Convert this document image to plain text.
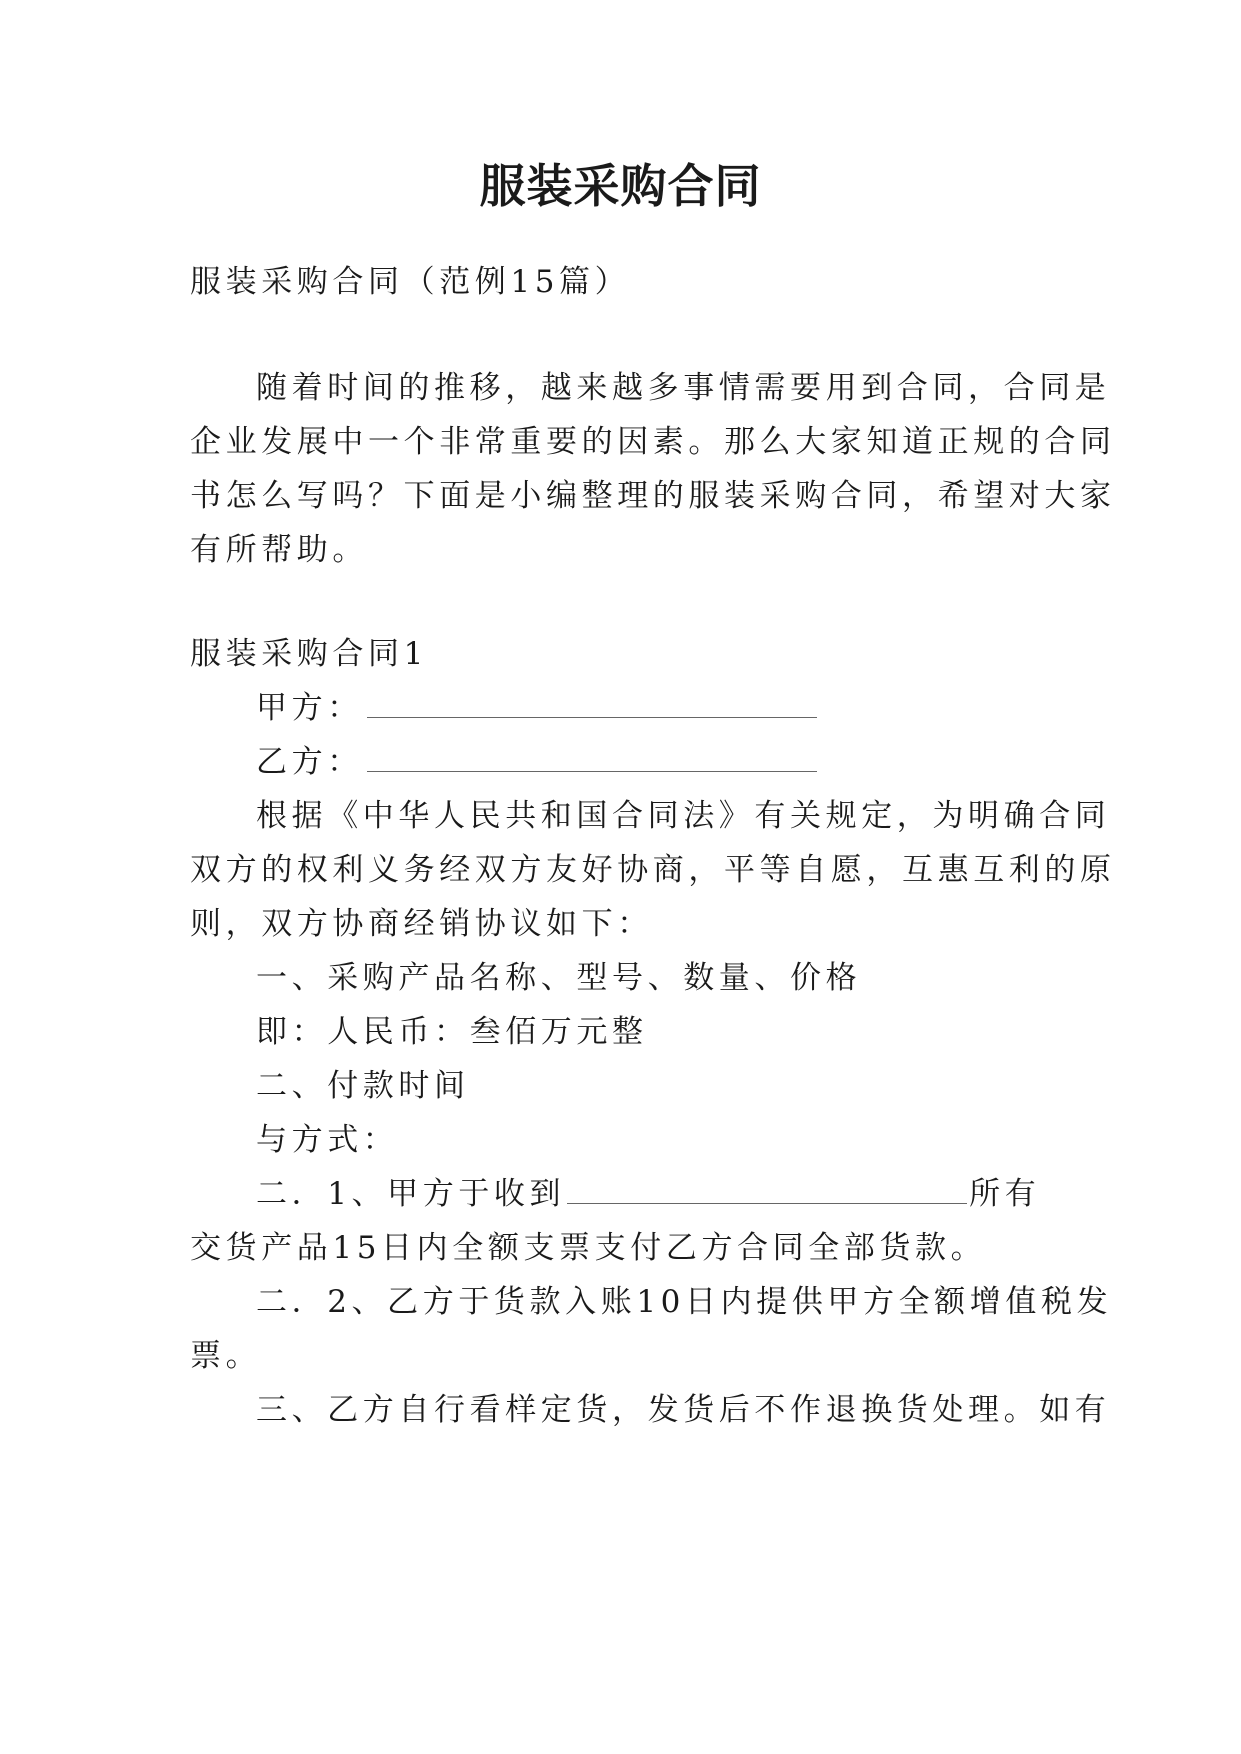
服装采购合同

服装采购合同（范例15篇）

随着时间的推移，越来越多事情需要用到合同，合同是

企业发展中一个非常重要的因素。那么大家知道正规的合同

书怎么写吗？下面是小编整理的服装采购合同，希望对大家

有所帮助。

服装采购合同1

甲方：

乙方：

根据《中华人民共和国合同法》有关规定，为明确合同

双方的权利义务经双方友好协商，平等自愿，互惠互利的原

则，双方协商经销协议如下：

一、采购产品名称、型号、数量、价格

即：人民币：叁佰万元整

二、付款时间

与方式：

二．1、甲方于收到	所有

交货产品15日内全额支票支付乙方合同全部货款。

二．2、乙方于货款入账10日内提供甲方全额增值税发

票。

三、乙方自行看样定货，发货后不作退换货处理。如有
